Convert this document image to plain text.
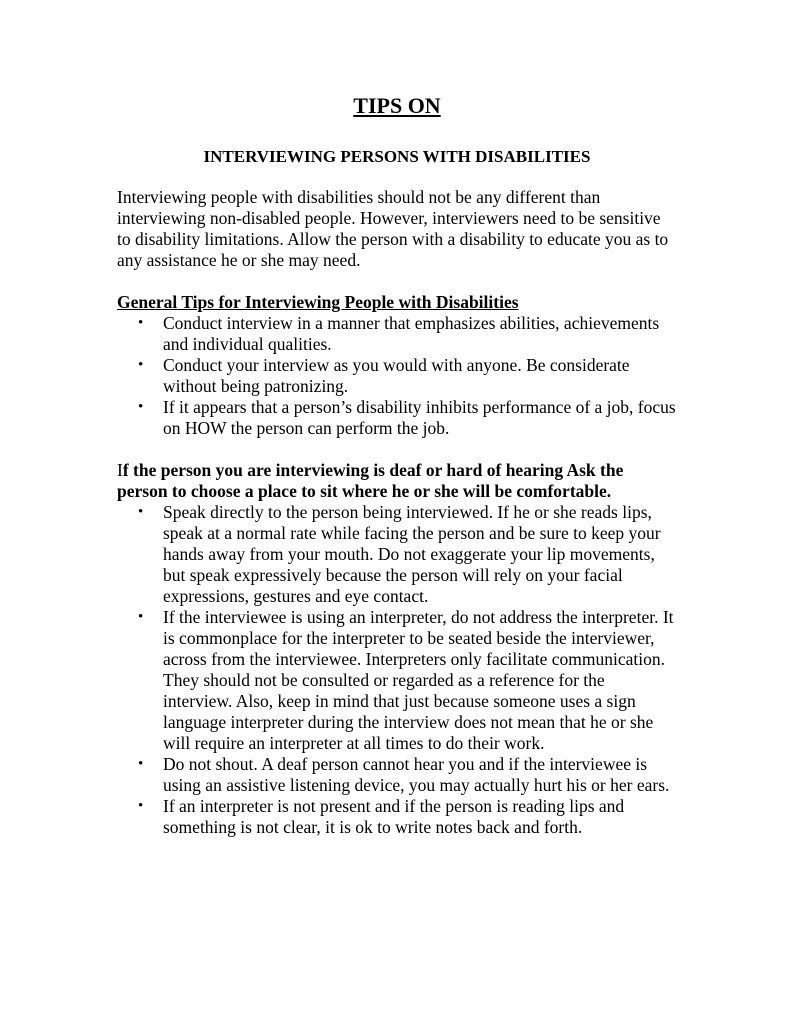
TIPS ON
INTERVIEWING PERSONS WITH DISABILITIES

Interviewing people with disabilities should not be any different than interviewing non-disabled people. However, interviewers need to be sensitive to disability limitations. Allow the person with a disability to educate you as to any assistance he or she may need.

General Tips for Interviewing People with Disabilities

• Conduct interview in a manner that emphasizes abilities, achievements and individual qualities.
• Conduct your interview as you would with anyone. Be considerate without being patronizing.
• If it appears that a person’s disability inhibits performance of a job, focus on HOW the person can perform the job.

If the person you are interviewing is deaf or hard of hearing Ask the person to choose a place to sit where he or she will be comfortable.

• Speak directly to the person being interviewed. If he or she reads lips, speak at a normal rate while facing the person and be sure to keep your hands away from your mouth. Do not exaggerate your lip movements, but speak expressively because the person will rely on your facial expressions, gestures and eye contact.
• If the interviewee is using an interpreter, do not address the interpreter. It is commonplace for the interpreter to be seated beside the interviewer, across from the interviewee. Interpreters only facilitate communication. They should not be consulted or regarded as a reference for the interview. Also, keep in mind that just because someone uses a sign language interpreter during the interview does not mean that he or she will require an interpreter at all times to do their work.
• Do not shout. A deaf person cannot hear you and if the interviewee is using an assistive listening device, you may actually hurt his or her ears.
• If an interpreter is not present and if the person is reading lips and something is not clear, it is ok to write notes back and forth.
